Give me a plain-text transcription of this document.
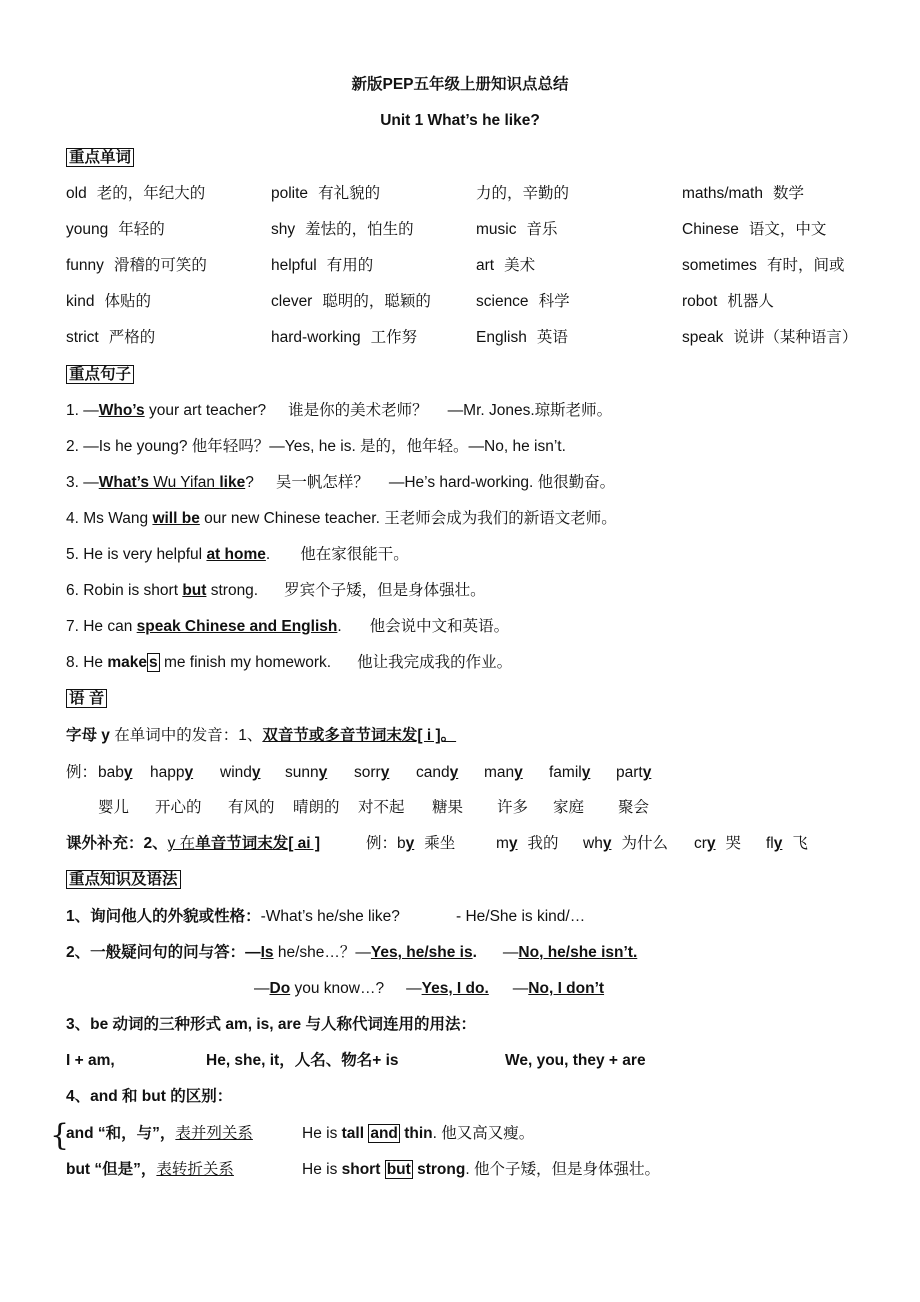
新版PEP五年级上册知识点总结
Unit 1 What’s he like?
重点单词
old 老的，年纪大的	polite 有礼貌的	力的，辛勤的	maths/math 数学
young 年轻的	shy 羞怯的，怕生的	music 音乐	Chinese 语文，中文
funny 滑稽的可笑的	helpful 有用的	art 美术	sometimes 有时，间或
kind 体贴的	clever 聪明的，聪颖的	science 科学	robot 机器人
strict 严格的	hard-working 工作努	English 英语	speak 说讲（某种语言）
重点句子
1. —Who’s your art teacher? 谁是你的美术老师？ —Mr. Jones.琼斯老师。
2. —Is he young? 他年轻吗？—Yes, he is. 是的，他年轻。—No, he isn’t.
3. —What’s Wu Yifan like? 吴一帆怎样？ —He’s hard-working. 他很勤奋。
4. Ms Wang will be our new Chinese teacher. 王老师会成为我们的新语文老师。
5. He is very helpful at home. 他在家很能干。
6. Robin is short but strong. 罗宾个子矮，但是身体强壮。
7. He can speak Chinese and English. 他会说中文和英语。
8. He make s me finish my homework. 他让我完成我的作业。
语 音
字母 y 在单词中的发音：1、双音节或多音节词末发[ i ]。
例： baby happy windy sunny sorry candy many family party
婴儿 开心的 有风的 晴朗的 对不起 糖果 许多 家庭 聚会
课外补充：2、y 在单音节词末发[ ai ]	例： by 乘坐	my 我的 why 为什么 cry 哭 fly 飞
重点知识及语法
1、询问他人的外貌或性格：-What’s he/she like?	- He/She is kind/…
2、一般疑问句的问与答：—Is he/she…？—Yes, he/she is. —No, he/she isn’t.
—Do you know…? —Yes, I do. —No, I don’t
3、be 动词的三种形式 am, is, are 与人称代词连用的用法：
I + am,	He, she, it，人名、物名+ is	We, you, they + are
4、and 和 but 的区别：
{
and “和，与”，表并列关系	He is tall and thin. 他又高又瘦。
but “但是”，表转折关系	He is short but strong. 他个子矮，但是身体强壮。
